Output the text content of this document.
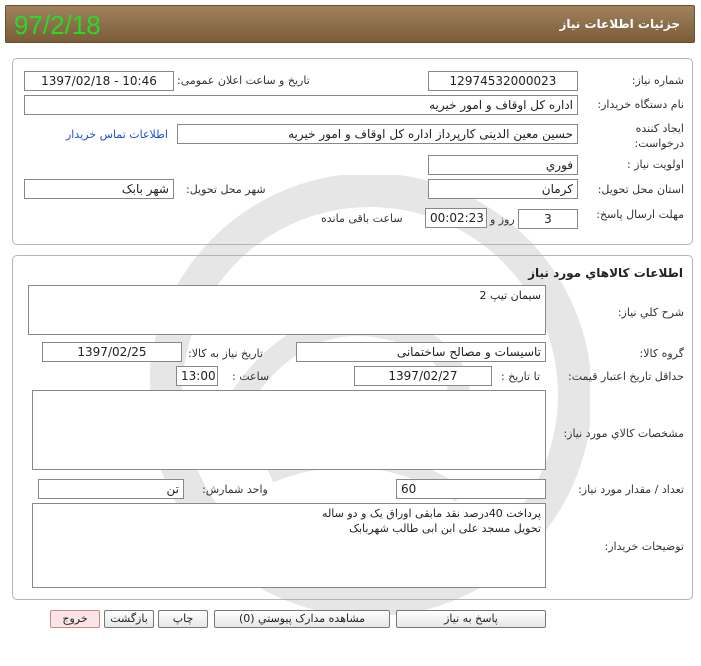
جزئیات اطلاعات نیاز
97/2/18
شماره نیاز:
12974532000023
تاریخ و ساعت اعلان عمومی:
1397/02/18 - 10:46
نام دستگاه خریدار:
اداره کل اوقاف و امور خیریه
ایجاد کننده درخواست:
حسین معین الدینی کارپرداز اداره کل اوقاف و امور خیریه
اطلاعات تماس خریدار
اولویت نیاز :
فوري
استان محل تحویل:
کرمان
شهر محل تحویل:
شهر بابک
مهلت ارسال پاسخ:
3
روز و
00:02:23
ساعت باقی مانده
اطلاعات کالاهاي مورد نياز
شرح کلي نياز:
سیمان تیپ 2
گروه کالا:
تاسیسات و مصالح ساختمانی
تاریخ نیاز به کالا:
1397/02/25
حداقل تاریخ اعتبار قیمت:
تا تاریخ :
1397/02/27
ساعت :
13:00
مشخصات کالاي مورد نياز:
تعداد / مقدار مورد نیاز:
60
واحد شمارش:
تن
توضیحات خریدار:
پرداخت 40درصد نقد مابقی اوراق یک و دو ساله
تحویل مسجد علی ابن ابی طالب شهربابک
پاسخ به نیاز
مشاهده مدارک پیوستي (0)
چاپ
بازگشت
خروج
